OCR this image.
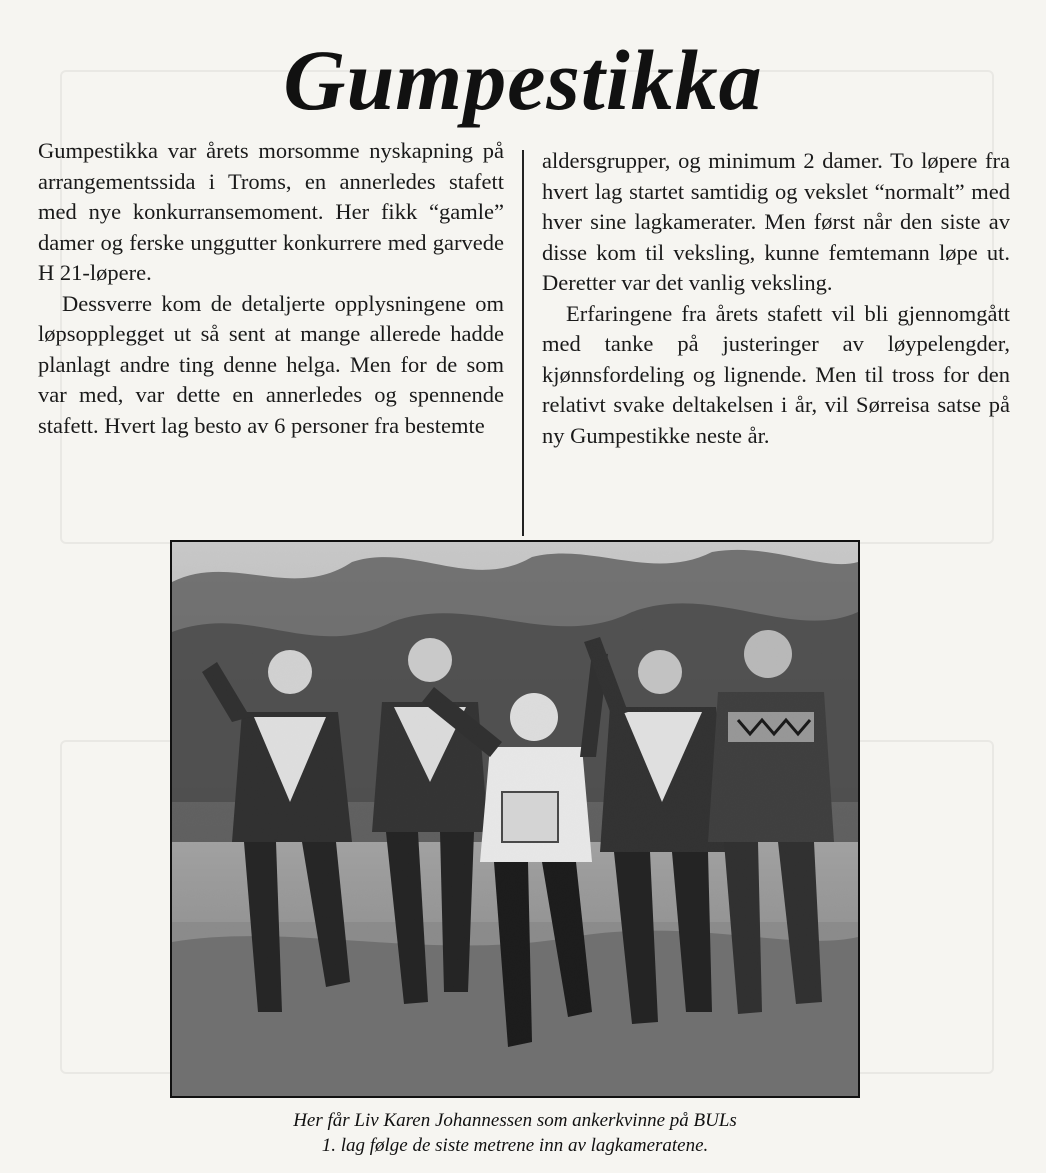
Gumpestikka

Gumpestikka var årets morsomme nyskapning på arrangementssida i Troms, en annerledes stafett med nye konkurransemoment. Her fikk “gamle” damer og ferske unggutter konkurrere med garvede H 21-løpere.

Dessverre kom de detaljerte opplysningene om løpsopplegget ut så sent at mange allerede hadde planlagt andre ting denne helga. Men for de som var med, var dette en annerledes og spennende stafett. Hvert lag besto av 6 personer fra bestemte

aldersgrupper, og minimum 2 damer. To løpere fra hvert lag startet samtidig og vekslet “normalt” med hver sine lagkamerater. Men først når den siste av disse kom til veksling, kunne femtemann løpe ut. Deretter var det vanlig veksling.

Erfaringene fra årets stafett vil bli gjennomgått med tanke på justeringer av løypelengder, kjønnsfordeling og lignende. Men til tross for den relativt svake deltakelsen i år, vil Sørreisa satse på ny Gumpestikke neste år.

Her får Liv Karen Johannessen som ankerkvinne på BULs
1. lag følge de siste metrene inn av lagkameratene.
